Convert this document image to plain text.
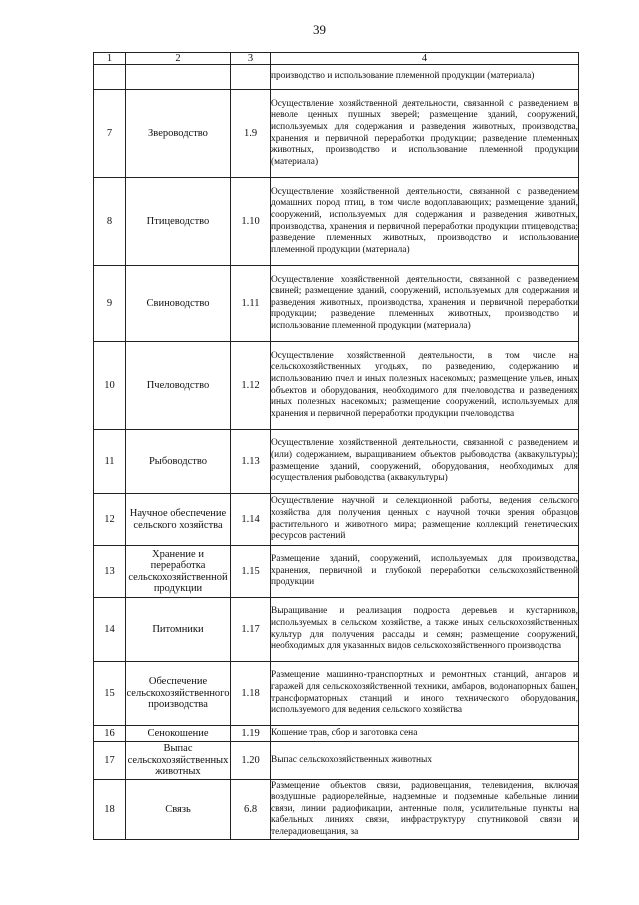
39
1	2	3	4
			производство и использование племенной продукции (материала)
7	Звероводство	1.9	Осуществление хозяйственной деятельности, связанной с разведением в неволе ценных пушных зверей; размещение зданий, сооружений, используемых для содержания и разведения животных, производства, хранения и первичной переработки продукции; разведение племенных животных, производство и использование племенной продукции (материала)
8	Птицеводство	1.10	Осуществление хозяйственной деятельности, связанной с разведением домашних пород птиц, в том числе водоплавающих; размещение зданий, сооружений, используемых для содержания и разведения животных, производства, хранения и первичной переработки продукции птицеводства; разведение племенных животных, производство и использование племенной продукции (материала)
9	Свиноводство	1.11	Осуществление хозяйственной деятельности, связанной с разведением свиней; размещение зданий, сооружений, используемых для содержания и разведения животных, производства, хранения и первичной переработки продукции; разведение племенных животных, производство и использование племенной продукции (материала)
10	Пчеловодство	1.12	Осуществление хозяйственной деятельности, в том числе на сельскохозяйственных угодьях, по разведению, содержанию и использованию пчел и иных полезных насекомых; размещение ульев, иных объектов и оборудования, необходимого для пчеловодства и разведениях иных полезных насекомых; размещение сооружений, используемых для хранения и первичной переработки продукции пчеловодства
11	Рыбоводство	1.13	Осуществление хозяйственной деятельности, связанной с разведением и (или) содержанием, выращиванием объектов рыбоводства (аквакультуры); размещение зданий, сооружений, оборудования, необходимых для осуществления рыбоводства (аквакультуры)
12	Научное обеспечение сельского хозяйства	1.14	Осуществление научной и селекционной работы, ведения сельского хозяйства для получения ценных с научной точки зрения образцов растительного и животного мира; размещение коллекций генетических ресурсов растений
13	Хранение и переработка сельскохозяйственной продукции	1.15	Размещение зданий, сооружений, используемых для производства, хранения, первичной и глубокой переработки сельскохозяйственной продукции
14	Питомники	1.17	Выращивание и реализация подроста деревьев и кустарников, используемых в сельском хозяйстве, а также иных сельскохозяйственных культур для получения рассады и семян; размещение сооружений, необходимых для указанных видов сельскохозяйственного производства
15	Обеспечение сельскохозяйственного производства	1.18	Размещение машинно-транспортных и ремонтных станций, ангаров и гаражей для сельскохозяйственной техники, амбаров, водонапорных башен, трансформаторных станций и иного технического оборудования, используемого для ведения сельского хозяйства
16	Сенокошение	1.19	Кошение трав, сбор и заготовка сена
17	Выпас сельскохозяйственных животных	1.20	Выпас сельскохозяйственных животных
18	Связь	6.8	Размещение объектов связи, радиовещания, телевидения, включая воздушные радиорелейные, надземные и подземные кабельные линии связи, линии радиофикации, антенные поля, усилительные пункты на кабельных линиях связи, инфраструктуру спутниковой связи и телерадиовещания, за
